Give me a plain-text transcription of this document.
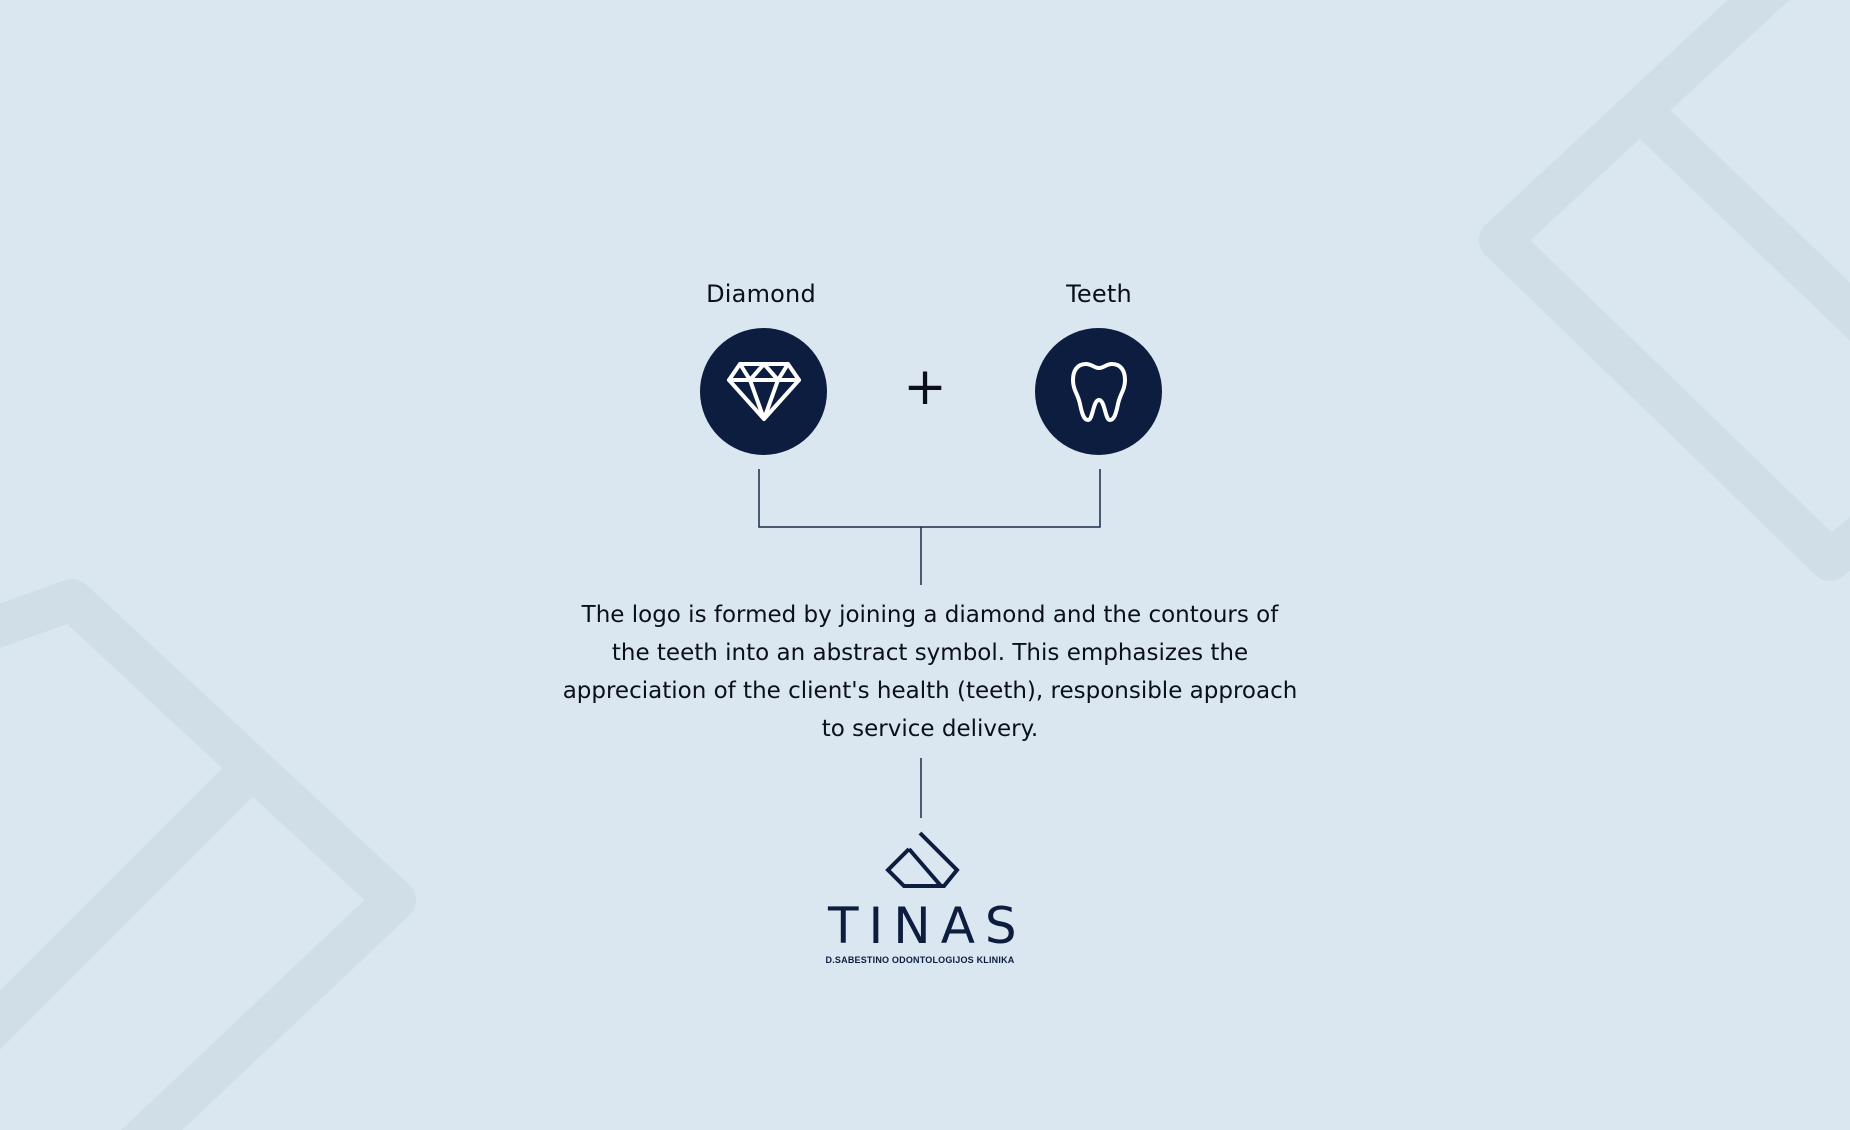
Diamond	Teeth
+
The logo is formed by joining a diamond and the contours of the teeth into an abstract symbol. This emphasizes the appreciation of the client's health (teeth), responsible approach to service delivery.
TINAS
D.SABESTINO ODONTOLOGIJOS KLINIKA
